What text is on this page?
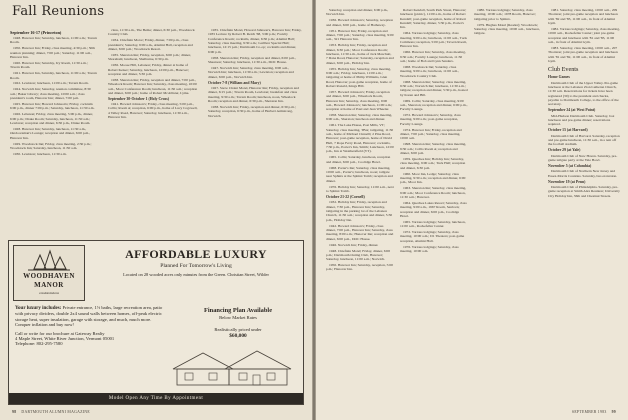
Fall Reunions
September 16-17 (Princeton)

1948. Hanover Inn; Saturday, luncheon, 11:00 a.m.; Tavern Room.

1950. Hanover Inn; Friday, class meeting, 4:30 p.m.; 50th reunion planning; dinner, 7:00 p.m.; Saturday, 11:00 a.m., Hanover Inn.

1920. Hanover Inn; Saturday, Ivy Room, 11:30 a.m.; Tavern Room.

1921. Hanover Inn, Saturday, luncheon, 11:00 a.m.; Tavern Room.

1922. Lewiston; luncheon, 11:00 a.m.; Tavern Room.

1924. Norwich Inn; Saturday, reunion committee, 8:30 a.m.; Baker Library; class meeting, 10:00 a.m.; class president's room, Hanover Inn; dinner, 7:00 p.m.

1925. Hanover Inn; Howard Johnson's; Friday, cocktails 6:00 p.m., dinner 7:00 p.m.; Saturday, luncheon, 11:30 a.m.

1926. Lebanon; Friday, class meeting, 5:00 p.m., dinner, 6:00 p.m.; Drake Room; Saturday, luncheon, 11:30 a.m.; Lewiston; reception and dinner, 6:30 p.m., Drake Room.

1928. Hanover Inn; Saturday, luncheon, 11:30 a.m., Outdoorsman's Lounge; reception and dinner, 6:00 p.m., Hanover Inn.

1929. Woodstock Inn; Friday, class meeting, 2:30 p.m.; Woodstock Inn; Saturday, luncheon, 11:30 a.m.

1930. Lewiston; luncheon, 11:30 a.m.

class, 11:30 a.m., The Bema; dinner, 6:30 p.m., Woodstock Country Club.

1934. Chieftain Motor; Friday, dinner, 7:00 p.m., class president's; Saturday, 9:00 a.m., Alumni Hall, reception and dinner, 6:00 p.m.; Woodstock Resort.

1935. Sheraton Inn; Friday, reception, 6:00 p.m.; dinner, Shoreham; luncheon, Shelburne, 6:30 p.m.

1936. Moose Hill, Lebanon; Friday, dinner at home of Robert Keiser; Saturday, luncheon, 12:00 p.m., Hanover; reception and dinner, 5:30 p.m.

1938. Sheraton Inn; Friday, reception and dinner, 7:00 p.m., Wheelock Room; Hanover Inn; Saturday, class meeting, 10:00 a.m., Moor Conference Room; luncheon, 11:30 a.m.; reception and dinner, 6:00 p.m.; home of Robert McAllister, Lyme.

September 30-October 1 (Holy Cross)

1941. Howard Johnson's; Friday, class meeting, 5:00 p.m., Collis; Room A; reception, 6:00 p.m., home of Lucy Cogswell, 4 Valley Road, Hanover; Saturday, luncheon, 11:30 a.m., Hanover Inn.

1935. Chieftain Motel, Howard Johnson's, Hanover Inn; Friday, 1935 Lecture by Robert B. Reich '68, 3:00 p.m.; Faculty Conference Room; cocktails, dinner, 6:30 p.m.; Alumni Hall; Saturday, class meeting, 9:30 a.m.; Gulliver Special Hall; luncheon, 12:15 p.m.; Dartmouth Co-op; cocktails and dinner, 6:00 p.m.

1958. Sheraton Inn; Friday, reception and dinner, 6:00 p.m., Shearson; Saturday, luncheon, 11:30 a.m., DOC House.

1947. Norwich Inn; Saturday, class meeting, 9:00 a.m., Norwich Inn; luncheon, 11:30 a.m.; Lewiston; reception and dinner, 6:00 p.m., Norwich Inn.

October 7-8 (William and Mary)

1927. Snow Chalet Motel, Hanover Inn; Friday, reception and dinner, 6:15 p.m.; Tavern Room, Lewiston; breakfast and class meeting, 9:30 a.m.; Tavern Room; luncheon, noon, Wheelock Room; reception and dinner, 6:30 p.m., Sheraton Inn.

1938. Norwich Inn; Friday, reception and dinner, 6:30 p.m.; Saturday, reception, 6:30 p.m., home of Herbert Armstrong, Norwich.

WOODHAVEN
MANOR
condominiums
AFFORDABLE LUXURY
Planned For Tomorrow's Living
Located on 28 wooded acres only minutes from the Green. Christian Street, Wilder
Your luxury includes: Private entrance, 1½ baths, large recreation area, patio with privacy dividers, double 2x4 sound walls between homes, off-peak electric storage heat, super insulation, garage with storage, and much, much more. Conquer inflation and buy now!
Call or write for our brochure at Gateway Realty
4 Maple Street, White River Junction, Vermont 05001
Telephone: 802-295-7580
Financing Plan Available
Below Market Rates
Realistically priced under
$60,000
Model Open Any Time By Appointment
98 DARTMOUTH ALUMNI MAGAZINE

Saturday, reception and dinner, 6:00 p.m., Norwich Inn.

1936. Howard Johnson's; Saturday, reception and dinner, 6:00 p.m., home of Hathaway.

1951. Hanover Inn; Friday, reception and dinner, 7:00 p.m.; Saturday, class meeting, 9:00 a.m., 321 Hanover Inn.

1953. Holiday Inn; Friday, reception and dinner, 6:30 p.m.; Moor Conference Room; luncheon, 11:30 a.m., home of Jack Meschutt, 7 Dana Road, Hanover; Saturday, reception and dinner, 6:00 p.m., Holiday Inn.

1955. Holiday Inn; Saturday, class meeting, 9:00 a.m.; Friday, luncheon, 11:00 a.m.; tailgating at home of Philip Williams, Glen Road, Hanover; post-game reception, home of Robert Ronald, Kings Hill.

1957. Howard Johnson's; Friday, reception and dinner, 6:00 p.m., Wheelock Room, Hanover Inn; Saturday, class meeting, 9:00 a.m., Howard Johnson's; luncheon, 11:00 a.m.; reception at home of Paul and Jean Wheeler.

1958. Sheraton Inn; Saturday, class meeting, 9:00 a.m., Sheraton; luncheon and dinner.

1961. The Lake House, Post Mills, VT; Saturday, class meeting, TBA; tailgating, 11:30 a.m., home of Michael Cinnelli; 2 Pine Road, Hanover; post-game reception, home of David Hull, 7 Rope Ferry Road, Hanover; cocktails, 7:30 p.m., Porter's Inn, Smith; Luncheon, 12:00 p.m., Inn at Weathersfield (VT).

1965. Collis; Saturday, luncheon, reception and dinner, 6:00 p.m., Coolidge Hotel.

1968. Porter's Inn; Saturday, class meeting, 10:00 a.m., Porter's; luncheon, noon; tailgate near Sphinx at the Sphinx Tomb; reception and dinner.

1976. Holiday Inn; Saturday, 11:00 a.m., next to Sphinx Tomb.

October 21-22 (Cornell)

1932. Holiday Inn; Friday, reception and dinner, 7:30 p.m., Hanover Inn; Saturday, tailgating in the parking lot of the Lebanon Church, 11:30 a.m.; reception and dinner, 5:30 p.m., Holiday Inn.

1942. Howard Johnson's; Friday, class dinner, 7:00 p.m., Hanover Inn; Saturday, class meeting, 8:00 a.m.; Hanover Inn; reception and dinner, 6:00 p.m., DOC House.

1946. Norwich Inn; Friday, dinner.

1948. Chieftain Motel; Friday, dinner, 6:00 p.m.; Dartmouth Outing Club, Hanover; Saturday, luncheon, 11:00 a.m.; Norwich.

1950. Hanover Inn; Saturday, reception, 5:00 p.m.; Hanover Inn.

Robert Kendall, South Park Street, Hanover; luncheon (picnic), 11:00 a.m., home of Robert Kendall; post-game reception, home of Robert Kendall; Saturday, dinner, 5:30 p.m., Porter's Inn.

1964. Various lodgings; Saturday, class meeting, 9:00 a.m.; luncheon, 11:00 a.m., Tuck Commons; reception, 5:00 p.m.; Tavern Room, Hanover Inn.

1966. Hanover Inn; Saturday, class meeting, 9:30 a.m.; Faculty Lounge; luncheon, 11:30 a.m.; home of Bob and Lynn Sanders.

1968. Woodstock Inn; Saturday, class meeting, 9:00 a.m.; luncheon, 11:00 a.m., Woodstock Country Club.

1968. Sheraton Inn; Saturday, class meeting, 9:30 a.m.; Norwich Inn; luncheon, 11:30 a.m.; tailgate; reception and dinner, 5:30 p.m., hosted by Karen and Bill.

1969. Collis; Saturday, class meeting, 9:00 a.m., Sheraton; reception and dinner, 6:00 p.m., Faculty Lounge.

1972. Howard Johnson's; Saturday, class meeting, 9:00 a.m.; post-game reception, Faculty Lounge.

1974. Hanover Inn; Friday, reception and dinner, 7:00 p.m.; Saturday, class meeting, 10:00 a.m.

1998. Sheraton Inn; Saturday, class meeting, 9:30 a.m.; Collis Room A; reception and dinner, 6:00 p.m.

1959. Quechee Inn; Holiday Inn; Saturday, class meeting, 9:00 a.m.; Tuck Hall; reception and dinner, 6:30 p.m.

1960. Moor Inn, Ledge; Saturday, class meeting, 9:30 a.m.; reception and dinner, 6:00 p.m., Moor Inn.

1963. Sheraton Inn; Saturday, class meeting, 9:00 a.m.; Moor Conference Room; luncheon, 11:30 a.m.; Hanover.

1964. Quechee Lakes Resort; Saturday, class meeting, 9:00 a.m., 1967 Room, Sanborn; reception and dinner, 6:00 p.m., Coolidge Hotel.

1965. Various lodgings; Saturday, luncheon, 11:00 a.m., Rockefeller Center.

1972. Various lodgings; Saturday, class meeting, 10:00 a.m.; D1 Theaters; post-game reception, Alumni Hall.

1976. Various lodgings; Saturday, class meeting, 10:00 a.m.

1980. Various lodgings; Saturday, class meeting, 10:00 a.m.; 1978 Room, Hanover; tailgating prior to Sphinx.

1979. Hughes Motel (Reader); Woodstock; Saturday, class meeting, 10:00 a.m., luncheon, tailgate.

1981. Saturday, class meeting, 10:00 a.m., 209 Thornton; joint pre-game reception and luncheon with '82 and '83, 11:00 a.m., in front of Alumni Gym.

1982. Various lodgings; Saturday, class meeting, 10:00 a.m., Rockefeller Center; joint pre-game reception and luncheon with '81 and '83, 11:00 a.m., in front of Alumni Gym.

1983. Saturday, class meeting, 10:00 a.m., 207 Thornton; joint pre-game reception and luncheon with '81 and '82, 11:00 a.m., in front of Alumni Gym.

Club Events
Home Games

Dartmouth Club of the Upper Valley. Pre-game luncheon at the Lebanon Zion Lutheran Church, 11:30 a.m. Reservations for tickets have been registered (30) to the president and checks, payable to Dartmouth College, to the office of the secretary.

September 24 (at West Point)

Mid-Hudson Dartmouth Club. Saturday, box luncheon and pre-game dinner; reservations required.

October 15 (at Harvard)

Dartmouth Club of Harvard. Saturday, reception and pre-game luncheon, 11:30 a.m., in a tent off the football stadium.

October 29 (at Yale)

Dartmouth Club of New Haven. Saturday, pre-game tailgate party at the Yale Bowl.

November 5 (at Columbia)

Dartmouth Club of Northern New Jersey and Essex-Morris Counties. Saturday, bus excursion.

November 19 (at Penn)

Dartmouth Club of Philadelphia. Saturday, pre-game reception at Smith Alex Reunion; University City Holiday Inn, 36th and Chestnut Streets.

SEPTEMBER 1983 99
